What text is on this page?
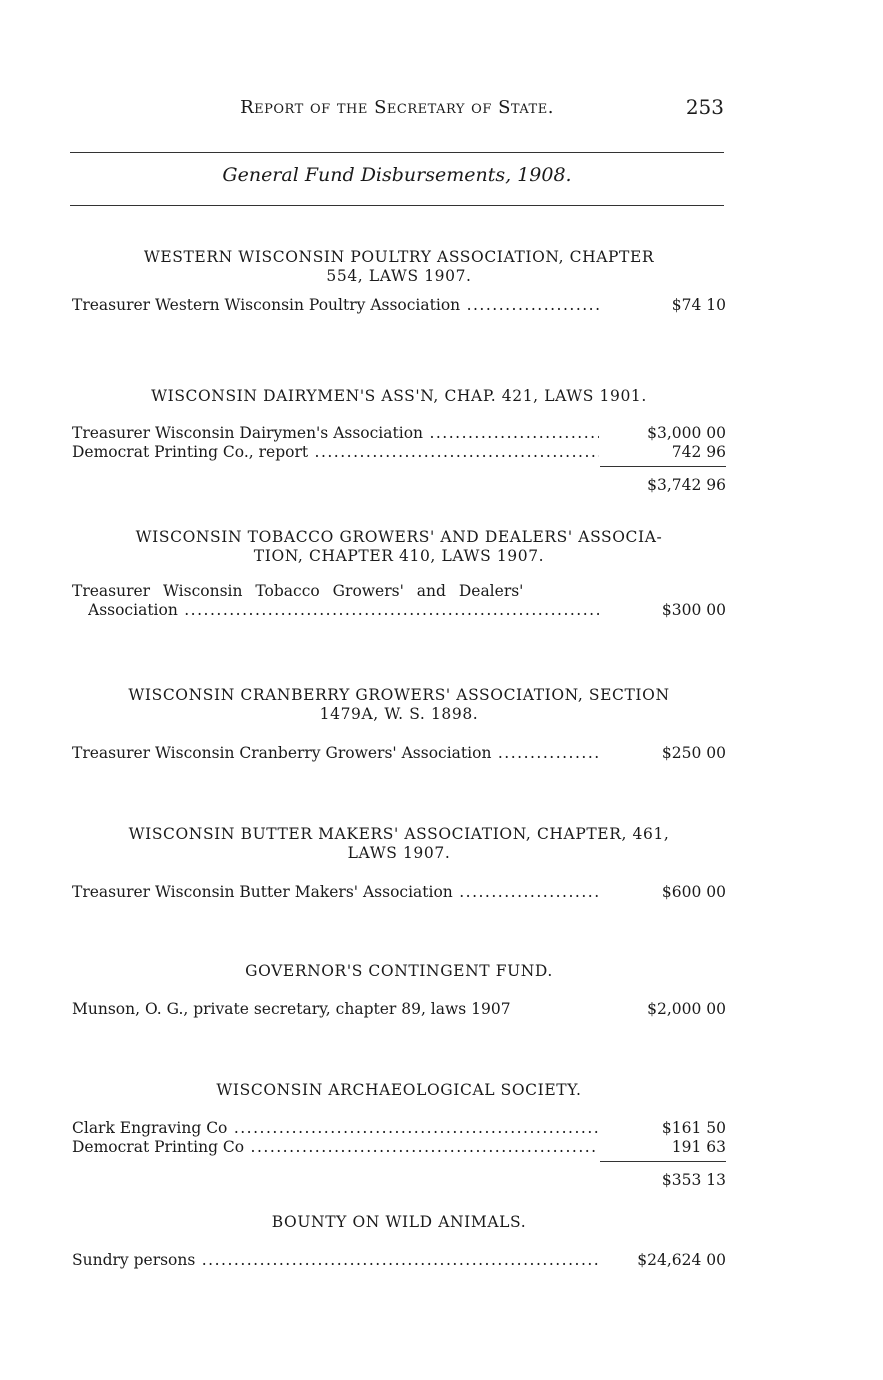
Report of the Secretary of State.	253
General Fund Disbursements, 1908.
WESTERN WISCONSIN POULTRY ASSOCIATION, CHAPTER
554, LAWS 1907.
Treasurer Western Wisconsin Poultry Association .....	$74 10
WISCONSIN DAIRYMEN'S ASS'N, CHAP. 421, LAWS 1901.
Treasurer Wisconsin Dairymen's Association .....	$3,000 00
Democrat Printing Co., report .....	742 96
$3,742 96
WISCONSIN TOBACCO GROWERS' AND DEALERS' ASSOCIA-
TION, CHAPTER 410, LAWS 1907.
Treasurer Wisconsin Tobacco Growers' and Dealers'
Association .....	$300 00
WISCONSIN CRANBERRY GROWERS' ASSOCIATION, SECTION
1479A, W. S. 1898.
Treasurer Wisconsin Cranberry Growers' Association .....	$250 00
WISCONSIN BUTTER MAKERS' ASSOCIATION, CHAPTER, 461,
LAWS 1907.
Treasurer Wisconsin Butter Makers' Association .....	$600 00
GOVERNOR'S CONTINGENT FUND.
Munson, O. G., private secretary, chapter 89, laws 1907	$2,000 00
WISCONSIN ARCHAEOLOGICAL SOCIETY.
Clark Engraving Co .....	$161 50
Democrat Printing Co .....	191 63
$353 13
BOUNTY ON WILD ANIMALS.
Sundry persons .....	$24,624 00
